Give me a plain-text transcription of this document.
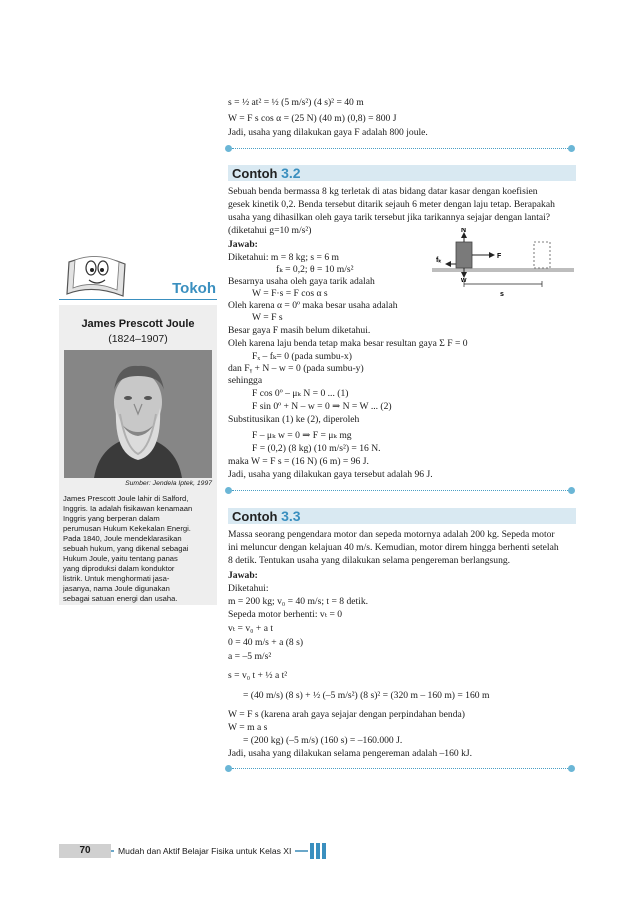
s = ½ at² = ½ (5 m/s²) (4 s)² = 40 m
W = F s cos α = (25 N) (40 m) (0,8) = 800 J
Jadi, usaha yang dilakukan gaya F adalah 800 joule.
Contoh 3.2
Sebuah benda bermassa 8 kg terletak di atas bidang datar kasar dengan koefisien
gesek kinetik 0,2. Benda tersebut ditarik sejauh 6 meter dengan laju tetap. Berapakah
usaha yang dihasilkan oleh gaya tarik tersebut jika tarikannya sejajar dengan lantai?
(diketahui g=10 m/s²)
Jawab:
Diketahui: m = 8 kg; s = 6 m
fₖ = 0,2; θ = 10 m/s²
Besarnya usaha oleh gaya tarik adalah
W = F·s = F cos α s
Oleh karena α = 0º maka besar usaha adalah
W = F s
Besar gaya F masih belum diketahui.
Oleh karena laju benda tetap maka besar resultan gaya Σ F = 0
Fₓ – fₖ= 0 (pada sumbu-x)
dan Fᵧ + N – w = 0 (pada sumbu-y)
sehingga
F cos 0º – μₖ N = 0 ... (1)
F sin 0º + N – w = 0 ⇒ N = W ... (2)
Substitusikan (1) ke (2), diperoleh
F – μₖ w = 0 ⇒ F = μₖ mg
F = (0,2) (8 kg) (10 m/s²) = 16 N.
maka W = F s = (16 N) (6 m) = 96 J.
Jadi, usaha yang dilakukan gaya tersebut adalah 96 J.
N
fₖ
F
w
s
Contoh 3.3
Massa seorang pengendara motor dan sepeda motornya adalah 200 kg. Sepeda motor
ini meluncur dengan kelajuan 40 m/s. Kemudian, motor direm hingga berhenti setelah
8 detik. Tentukan usaha yang dilakukan selama pengereman berlangsung.
Jawab:
Diketahui:
m = 200 kg; v₀ = 40 m/s; t = 8 detik.
Sepeda motor berhenti: vₜ = 0
vₜ = v₀ + a t
0 = 40 m/s + a (8 s)
a = –5 m/s²
s = v₀ t + ½ a t²
= (40 m/s) (8 s) + ½ (–5 m/s²) (8 s)² = (320 m – 160 m) = 160 m
W = F s (karena arah gaya sejajar dengan perpindahan benda)
W = m a s
= (200 kg) (–5 m/s) (160 s) = –160.000 J.
Jadi, usaha yang dilakukan selama pengereman adalah –160 kJ.
Tokoh
James Prescott Joule
(1824–1907)
Sumber: Jendela Iptek, 1997
James Prescott Joule lahir di Salford,
Inggris. Ia adalah fisikawan kenamaan
Inggris yang berperan dalam
perumusan Hukum Kekekalan Energi.
Pada 1840, Joule mendeklarasikan
sebuah hukum, yang dikenal sebagai
Hukum Joule, yaitu tentang panas
yang diproduksi dalam konduktor
listrik. Untuk menghormati jasa-
jasanya, nama Joule digunakan
sebagai satuan energi dan usaha.
70	Mudah dan Aktif Belajar Fisika untuk Kelas XI
